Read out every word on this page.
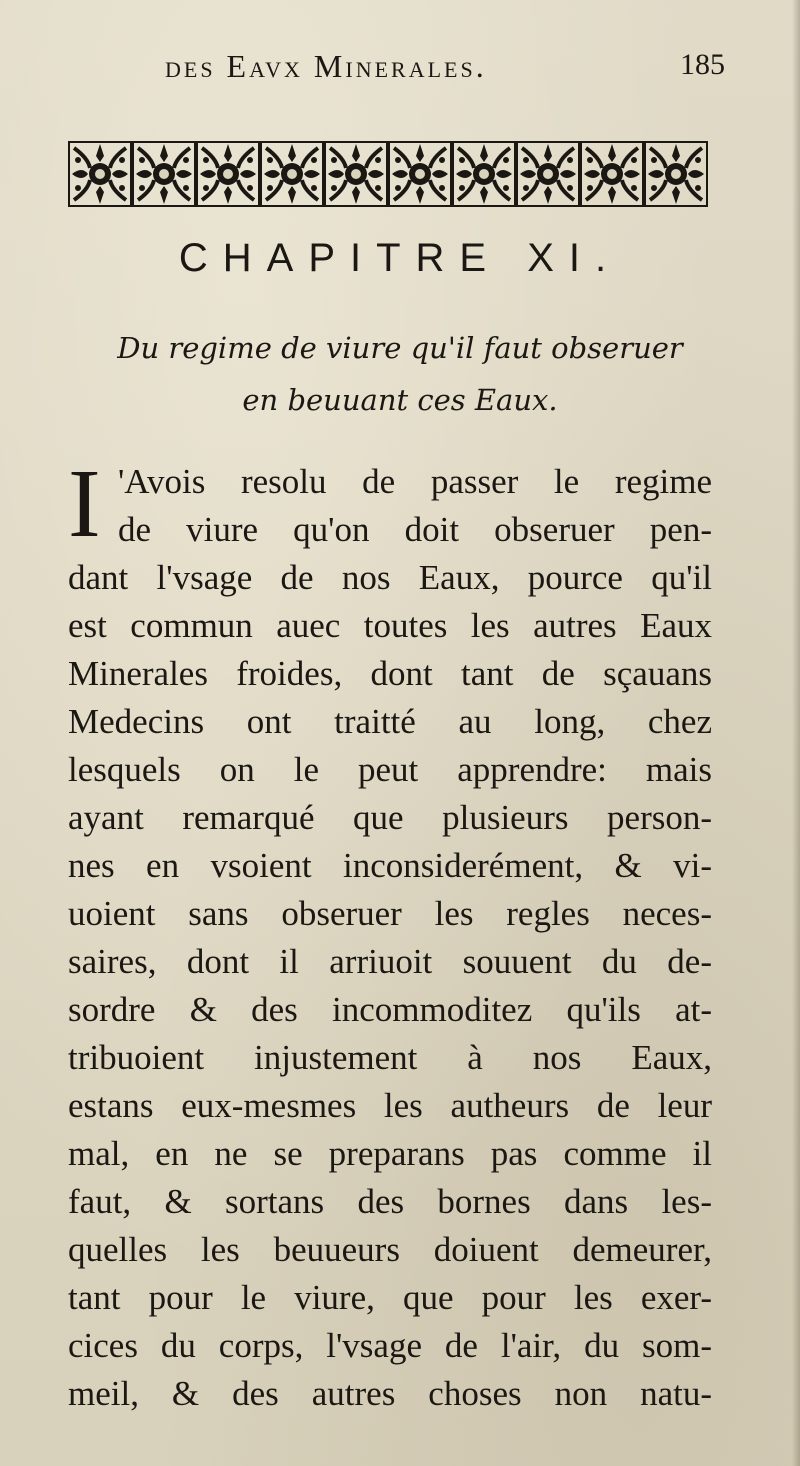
des Eavx Minerales.	185
CHAPITRE XI.
Du regime de viure qu'il faut obseruer
en beuuant ces Eaux.
I 'Avois resolu de passer le regime
de viure qu'on doit obseruer pen-
dant l'vsage de nos Eaux, pource qu'il
est commun auec toutes les autres Eaux
Minerales froides, dont tant de sçauans
Medecins ont traitté au long, chez
lesquels on le peut apprendre: mais
ayant remarqué que plusieurs person-
nes en vsoient inconsiderément, & vi-
uoient sans obseruer les regles neces-
saires, dont il arriuoit souuent du de-
sordre & des incommoditez qu'ils at-
tribuoient injustement à nos Eaux,
estans eux-mesmes les autheurs de leur
mal, en ne se preparans pas comme il
faut, & sortans des bornes dans les-
quelles les beuueurs doiuent demeurer,
tant pour le viure, que pour les exer-
cices du corps, l'vsage de l'air, du som-
meil, & des autres choses non natu-
